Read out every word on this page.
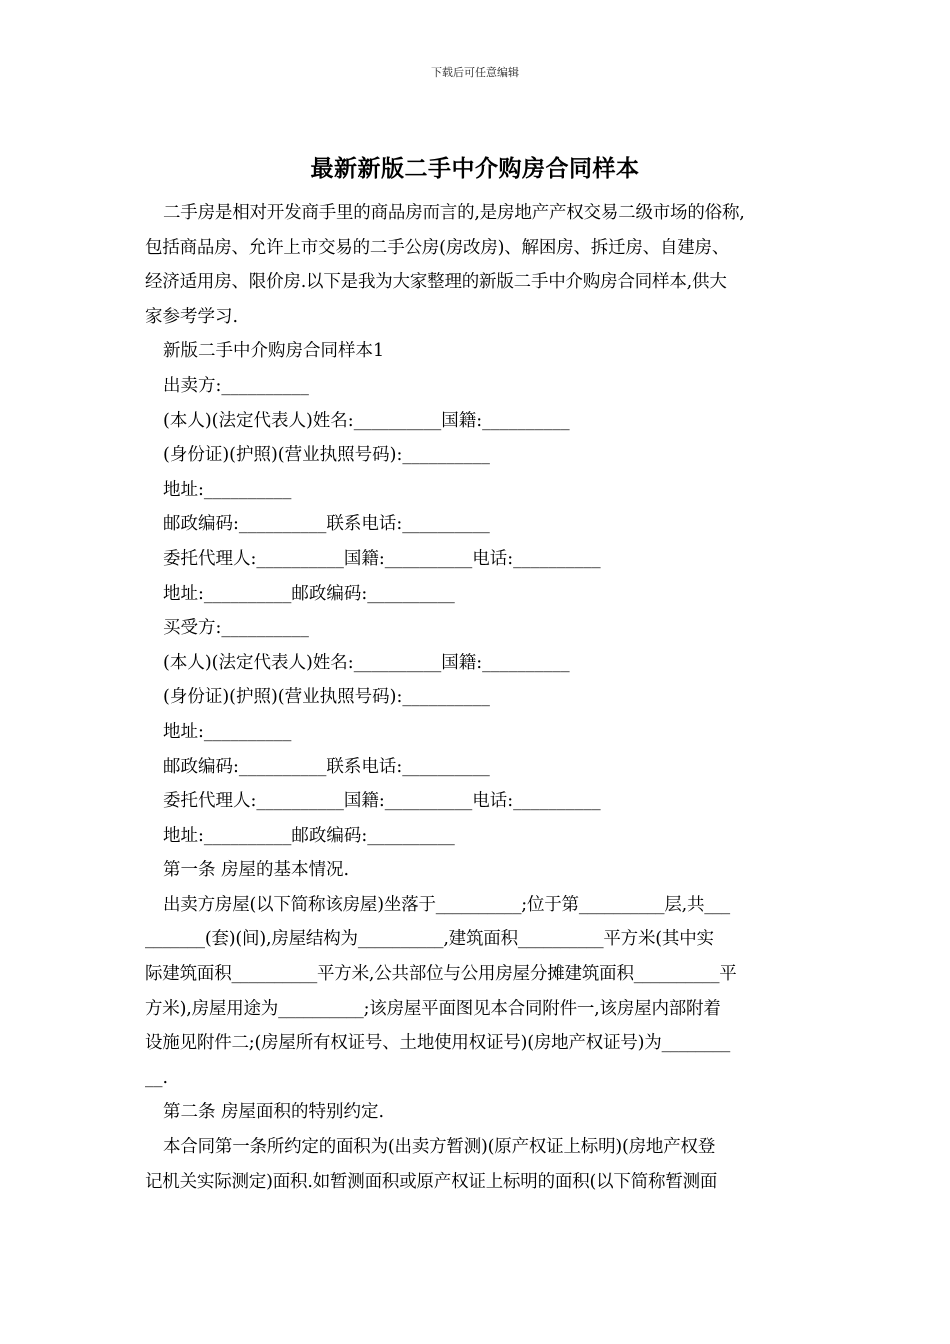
下载后可任意编辑
最新新版二手中介购房合同样本

二手房是相对开发商手里的商品房而言的,是房地产产权交易二级市场的俗称,

包括商品房、允许上市交易的二手公房(房改房)、解困房、拆迁房、自建房、

经济适用房、限价房.以下是我为大家整理的新版二手中介购房合同样本,供大

家参考学习.

新版二手中介购房合同样本1

出卖方:__________

(本人)(法定代表人)姓名:__________国籍:__________

(身份证)(护照)(营业执照号码):__________

地址:__________

邮政编码:__________联系电话:__________

委托代理人:__________国籍:__________电话:__________

地址:__________邮政编码:__________

买受方:__________

(本人)(法定代表人)姓名:__________国籍:__________

(身份证)(护照)(营业执照号码):__________

地址:__________

邮政编码:__________联系电话:__________

委托代理人:__________国籍:__________电话:__________

地址:__________邮政编码:__________

第一条 房屋的基本情况.

出卖方房屋(以下简称该房屋)坐落于__________;位于第__________层,共___

_______(套)(间),房屋结构为__________,建筑面积__________平方米(其中实

际建筑面积__________平方米,公共部位与公用房屋分摊建筑面积__________平

方米),房屋用途为__________;该房屋平面图见本合同附件一,该房屋内部附着

设施见附件二;(房屋所有权证号、土地使用权证号)(房地产权证号)为________

__.

第二条 房屋面积的特别约定.

本合同第一条所约定的面积为(出卖方暂测)(原产权证上标明)(房地产权登

记机关实际测定)面积.如暂测面积或原产权证上标明的面积(以下简称暂测面
